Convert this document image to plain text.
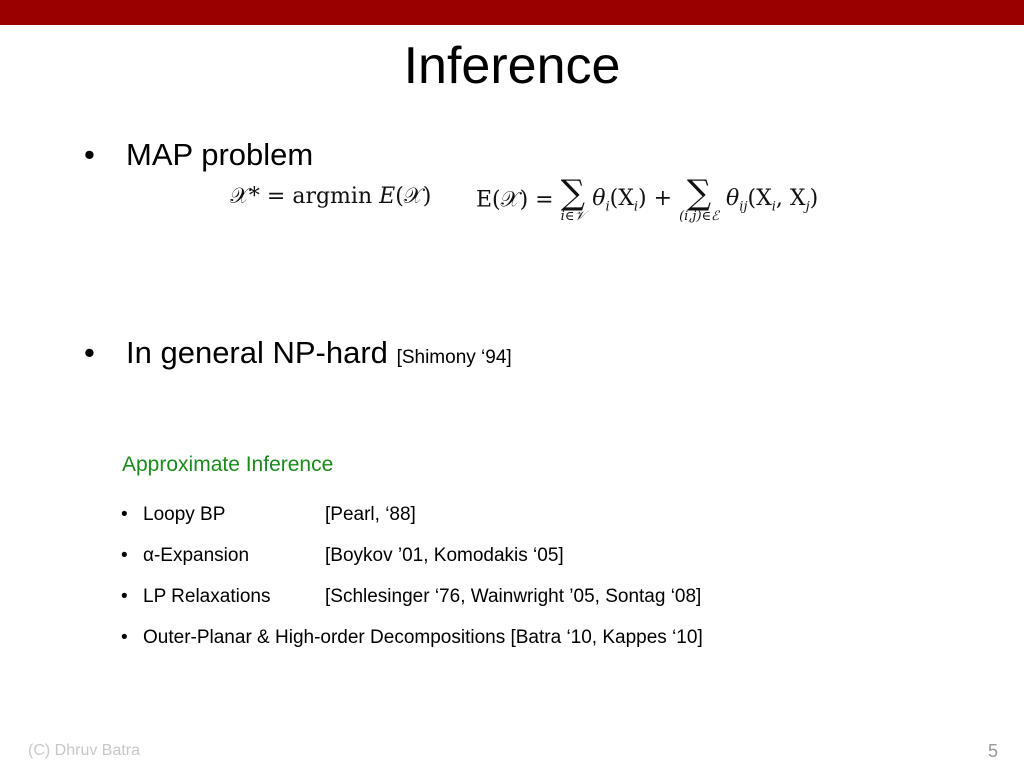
Inference
• MAP problem
𝒳* = argmin E(𝒳) E(𝒳) = ∑
i∈𝒱
$\theta_i(X_i)$ + ∑
(i,j)∈ℰ
$\theta_{ij}(X_i$, $X_j$)
• In general NP-hard [Shimony ‘94]
Approximate Inference
• Loopy BP	[Pearl, ‘88]
• α-Expansion	[Boykov ’01, Komodakis ‘05]
• LP Relaxations	[Schlesinger ‘76, Wainwright ’05, Sontag ‘08]
• Outer-Planar & High-order Decompositions [Batra ‘10, Kappes ‘10]
(C) Dhruv Batra	5
